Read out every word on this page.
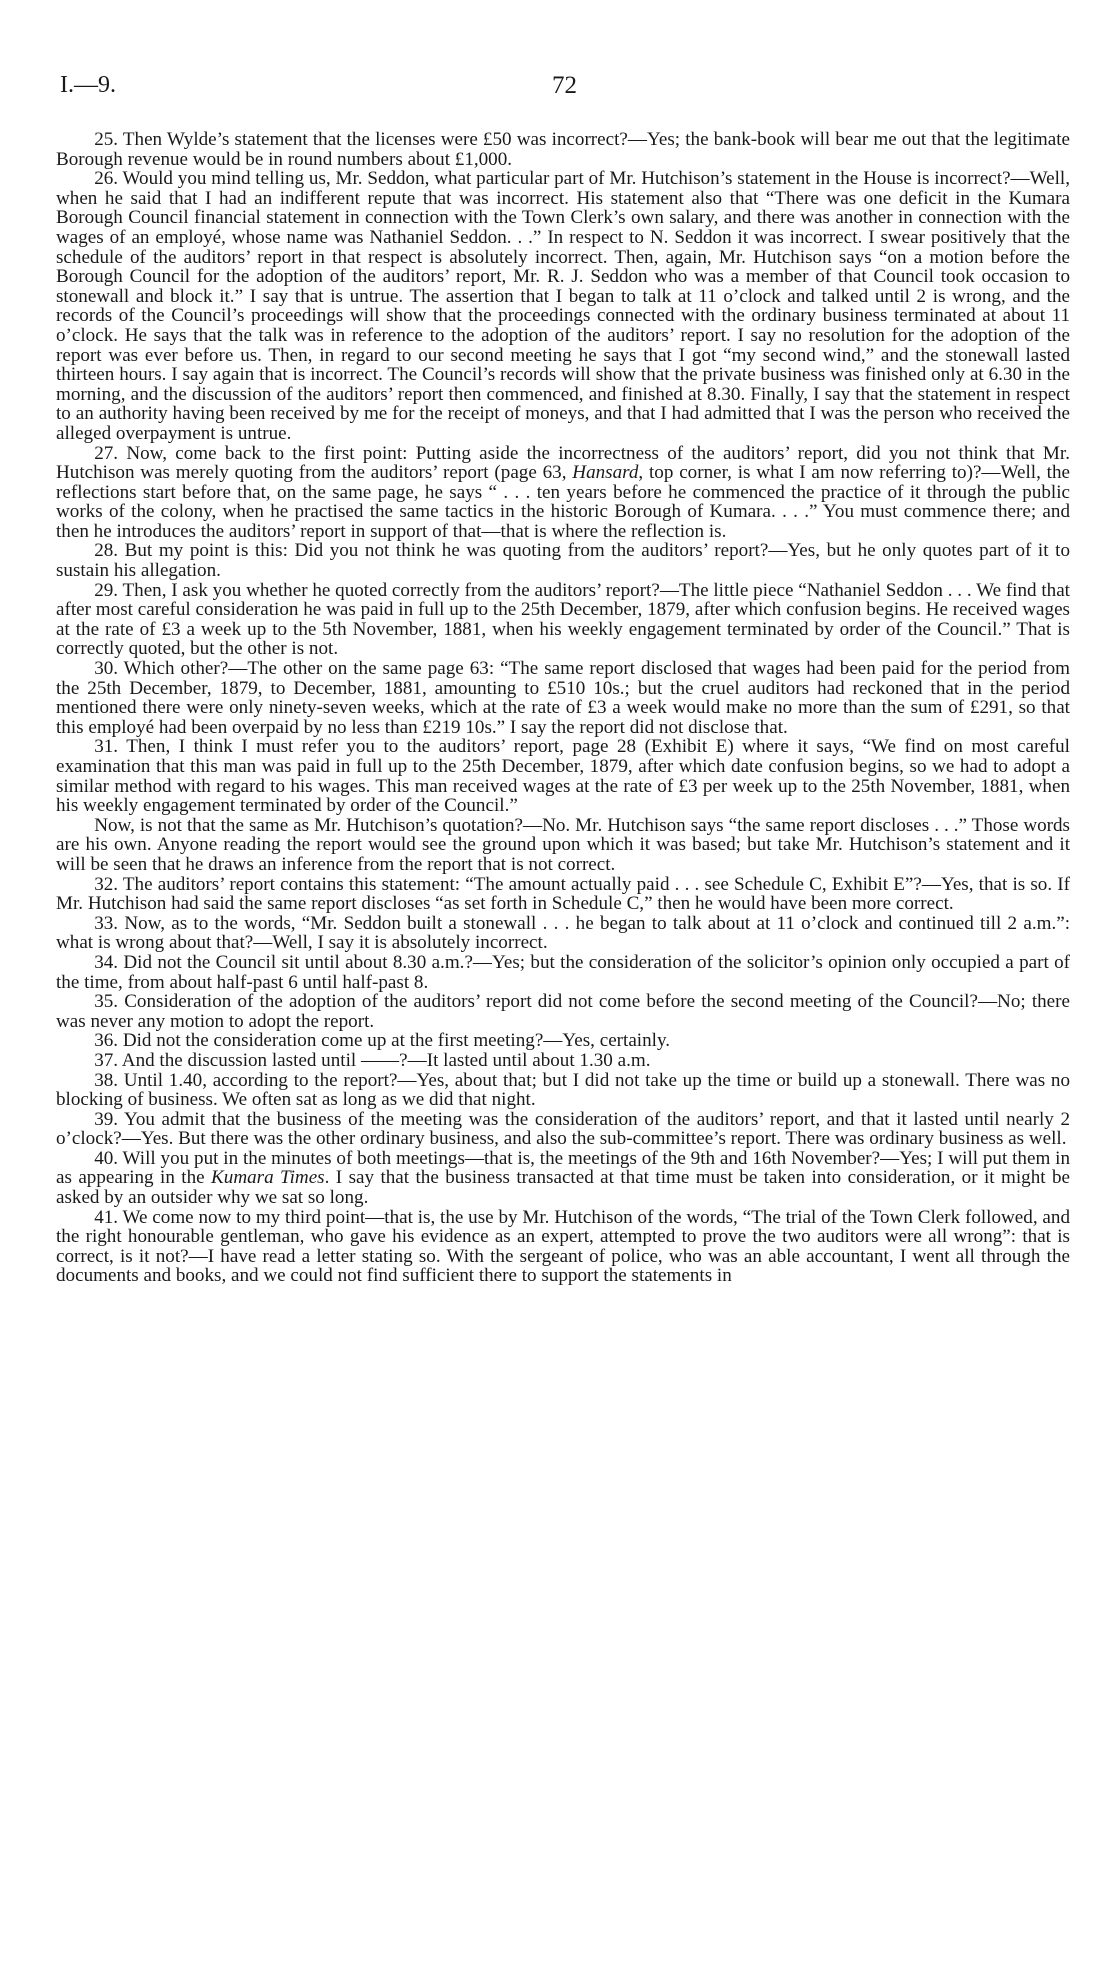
I.—9.	72

25. Then Wylde’s statement that the licenses were £50 was incorrect?—Yes; the bank-book will bear me out that the legitimate Borough revenue would be in round numbers about £1,000.

26. Would you mind telling us, Mr. Seddon, what particular part of Mr. Hutchison’s statement in the House is incorrect?—Well, when he said that I had an indifferent repute that was incorrect. His statement also that “There was one deficit in the Kumara Borough Council financial statement in connection with the Town Clerk’s own salary, and there was another in connection with the wages of an employé, whose name was Nathaniel Seddon. . .” In respect to N. Seddon it was incorrect. I swear positively that the schedule of the auditors’ report in that respect is absolutely incorrect. Then, again, Mr. Hutchison says “on a motion before the Borough Council for the adoption of the auditors’ report, Mr. R. J. Seddon who was a member of that Council took occasion to stonewall and block it.” I say that is untrue. The assertion that I began to talk at 11 o’clock and talked until 2 is wrong, and the records of the Council’s proceedings will show that the proceedings connected with the ordinary business terminated at about 11 o’clock. He says that the talk was in reference to the adoption of the auditors’ report. I say no resolution for the adoption of the report was ever before us. Then, in regard to our second meeting he says that I got “my second wind,” and the stonewall lasted thirteen hours. I say again that is incorrect. The Council’s records will show that the private business was finished only at 6.30 in the morning, and the discussion of the auditors’ report then commenced, and finished at 8.30. Finally, I say that the statement in respect to an authority having been received by me for the receipt of moneys, and that I had admitted that I was the person who received the alleged overpayment is untrue.

27. Now, come back to the first point: Putting aside the incorrectness of the auditors’ report, did you not think that Mr. Hutchison was merely quoting from the auditors’ report (page 63, Hansard, top corner, is what I am now referring to)?—Well, the reflections start before that, on the same page, he says “ . . . ten years before he commenced the practice of it through the public works of the colony, when he practised the same tactics in the historic Borough of Kumara. . . .” You must commence there; and then he introduces the auditors’ report in support of that—that is where the reflection is.

28. But my point is this: Did you not think he was quoting from the auditors’ report?—Yes, but he only quotes part of it to sustain his allegation.

29. Then, I ask you whether he quoted correctly from the auditors’ report?—The little piece “Nathaniel Seddon . . . We find that after most careful consideration he was paid in full up to the 25th December, 1879, after which confusion begins. He received wages at the rate of £3 a week up to the 5th November, 1881, when his weekly engagement terminated by order of the Council.” That is correctly quoted, but the other is not.

30. Which other?—The other on the same page 63: “The same report disclosed that wages had been paid for the period from the 25th December, 1879, to December, 1881, amounting to £510 10s.; but the cruel auditors had reckoned that in the period mentioned there were only ninety-seven weeks, which at the rate of £3 a week would make no more than the sum of £291, so that this employé had been overpaid by no less than £219 10s.” I say the report did not disclose that.

31. Then, I think I must refer you to the auditors’ report, page 28 (Exhibit E) where it says, “We find on most careful examination that this man was paid in full up to the 25th December, 1879, after which date confusion begins, so we had to adopt a similar method with regard to his wages. This man received wages at the rate of £3 per week up to the 25th November, 1881, when his weekly engagement terminated by order of the Council.”

Now, is not that the same as Mr. Hutchison’s quotation?—No. Mr. Hutchison says “the same report discloses . . .” Those words are his own. Anyone reading the report would see the ground upon which it was based; but take Mr. Hutchison’s statement and it will be seen that he draws an inference from the report that is not correct.

32. The auditors’ report contains this statement: “The amount actually paid . . . see Schedule C, Exhibit E”?—Yes, that is so. If Mr. Hutchison had said the same report discloses “as set forth in Schedule C,” then he would have been more correct.

33. Now, as to the words, “Mr. Seddon built a stonewall . . . he began to talk about at 11 o’clock and continued till 2 a.m.”: what is wrong about that?—Well, I say it is absolutely incorrect.

34. Did not the Council sit until about 8.30 a.m.?—Yes; but the consideration of the solicitor’s opinion only occupied a part of the time, from about half-past 6 until half-past 8.

35. Consideration of the adoption of the auditors’ report did not come before the second meeting of the Council?—No; there was never any motion to adopt the report.

36. Did not the consideration come up at the first meeting?—Yes, certainly.

37. And the discussion lasted until ——?—It lasted until about 1.30 a.m.

38. Until 1.40, according to the report?—Yes, about that; but I did not take up the time or build up a stonewall. There was no blocking of business. We often sat as long as we did that night.

39. You admit that the business of the meeting was the consideration of the auditors’ report, and that it lasted until nearly 2 o’clock?—Yes. But there was the other ordinary business, and also the sub-committee’s report. There was ordinary business as well.

40. Will you put in the minutes of both meetings—that is, the meetings of the 9th and 16th November?—Yes; I will put them in as appearing in the Kumara Times. I say that the business transacted at that time must be taken into consideration, or it might be asked by an outsider why we sat so long.

41. We come now to my third point—that is, the use by Mr. Hutchison of the words, “The trial of the Town Clerk followed, and the right honourable gentleman, who gave his evidence as an expert, attempted to prove the two auditors were all wrong”: that is correct, is it not?—I have read a letter stating so. With the sergeant of police, who was an able accountant, I went all through the documents and books, and we could not find sufficient there to support the statements in
